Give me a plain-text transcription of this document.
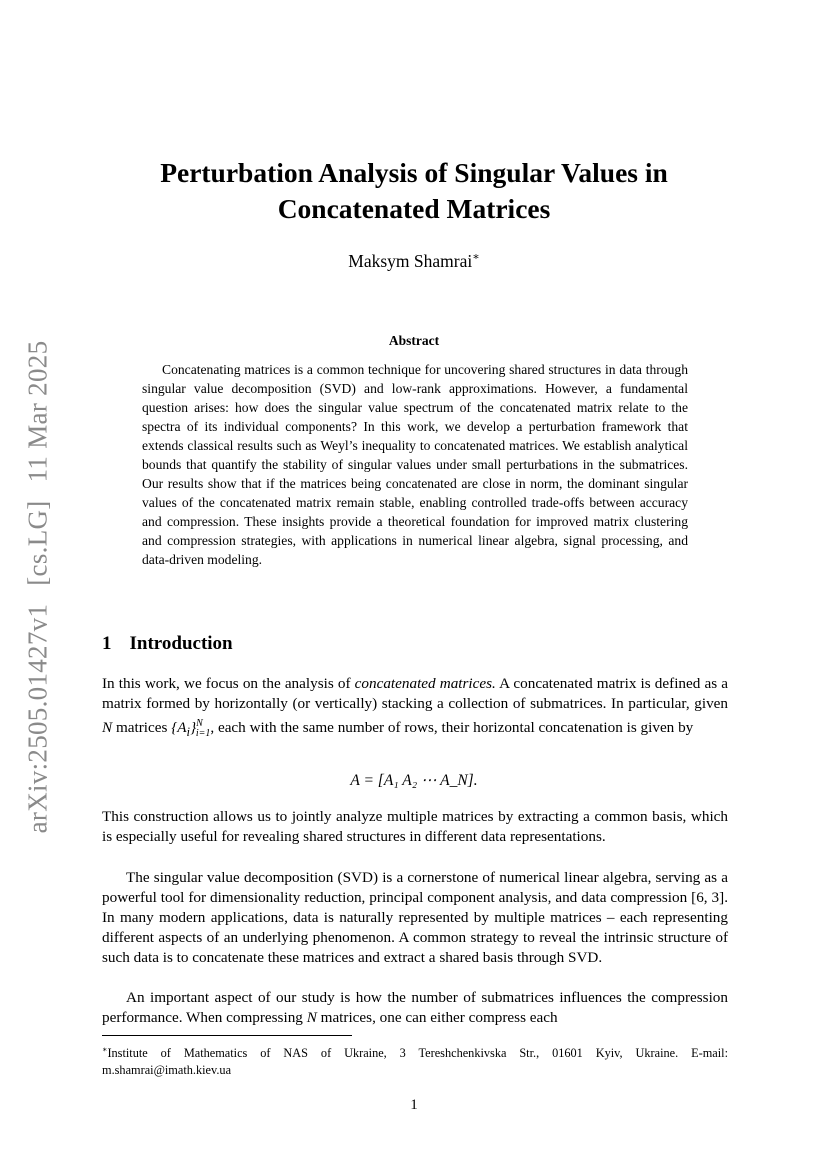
arXiv:2505.01427v1[cs.LG]11 Mar 2025
Perturbation Analysis of Singular Values in
Concatenated Matrices
Maksym Shamrai∗
Abstract

Concatenating matrices is a common technique for uncovering shared structures in data through singular value decomposition (SVD) and low-rank approximations. However, a fundamental question arises: how does the singular value spectrum of the concatenated matrix relate to the spectra of its individual components? In this work, we develop a perturbation framework that extends classical results such as Weyl’s inequality to concatenated matrices. We establish analytical bounds that quantify the stability of singular values under small perturbations in the submatrices. Our results show that if the matrices being concatenated are close in norm, the dominant singular values of the concatenated matrix remain stable, enabling controlled trade-offs between accuracy and compression. These insights provide a theoretical foundation for improved matrix clustering and compression strategies, with applications in numerical linear algebra, signal processing, and data-driven modeling.

1 Introduction

In this work, we focus on the analysis of concatenated matrices. A concatenated matrix is defined as a matrix formed by horizontally (or vertically) stacking a collection of submatrices. In particular, given N matrices $\{A_i\}^N_{i=1}$, each with the same number of rows, their horizontal concatenation is given by

A = [A₁ A₂ ⋯ A_N].

This construction allows us to jointly analyze multiple matrices by extracting a common basis, which is especially useful for revealing shared structures in different data representations.

The singular value decomposition (SVD) is a cornerstone of numerical linear algebra, serving as a powerful tool for dimensionality reduction, principal component analysis, and data compression [6, 3]. In many modern applications, data is naturally represented by multiple matrices – each representing different aspects of an underlying phenomenon. A common strategy to reveal the intrinsic structure of such data is to concatenate these matrices and extract a shared basis through SVD.

An important aspect of our study is how the number of submatrices influences the compression performance. When compressing N matrices, one can either compress each

∗Institute of Mathematics of NAS of Ukraine, 3 Tereshchenkivska Str., 01601 Kyiv, Ukraine. E-mail: m.shamrai@imath.kiev.ua

1
